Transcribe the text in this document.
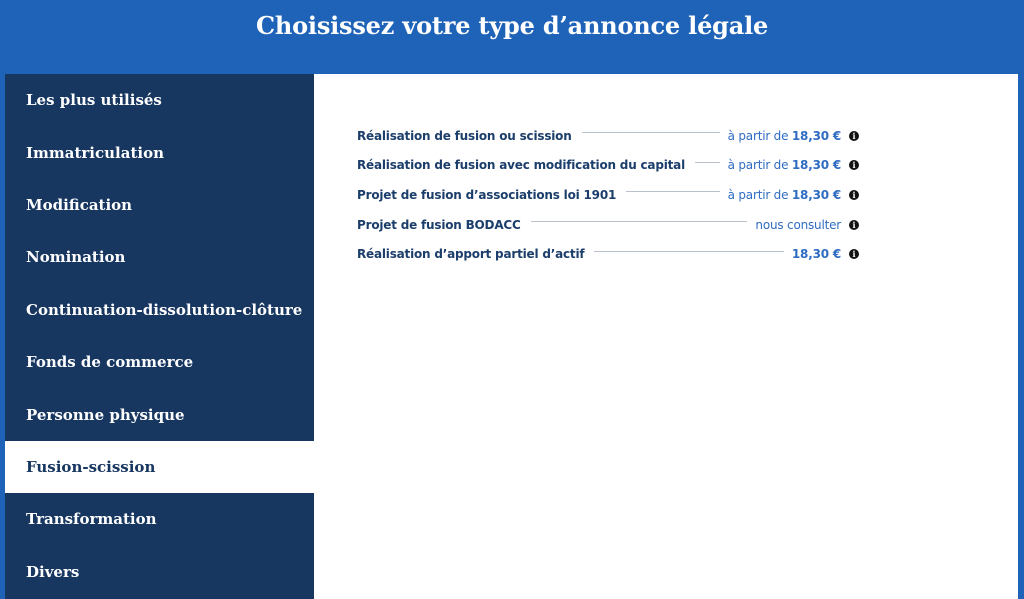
Choisissez votre type d’annonce légale
Les plus utilisés
Immatriculation
Modification
Nomination
Continuation-dissolution-clôture
Fonds de commerce
Personne physique
Fusion-scission
Transformation
Divers
Réalisation de fusion ou scission	à partir de 18,30 €	i
Réalisation de fusion avec modification du capital	à partir de 18,30 €	i
Projet de fusion d’associations loi 1901	à partir de 18,30 €	i
Projet de fusion BODACC	nous consulter	i
Réalisation d’apport partiel d’actif	18,30 €	i
